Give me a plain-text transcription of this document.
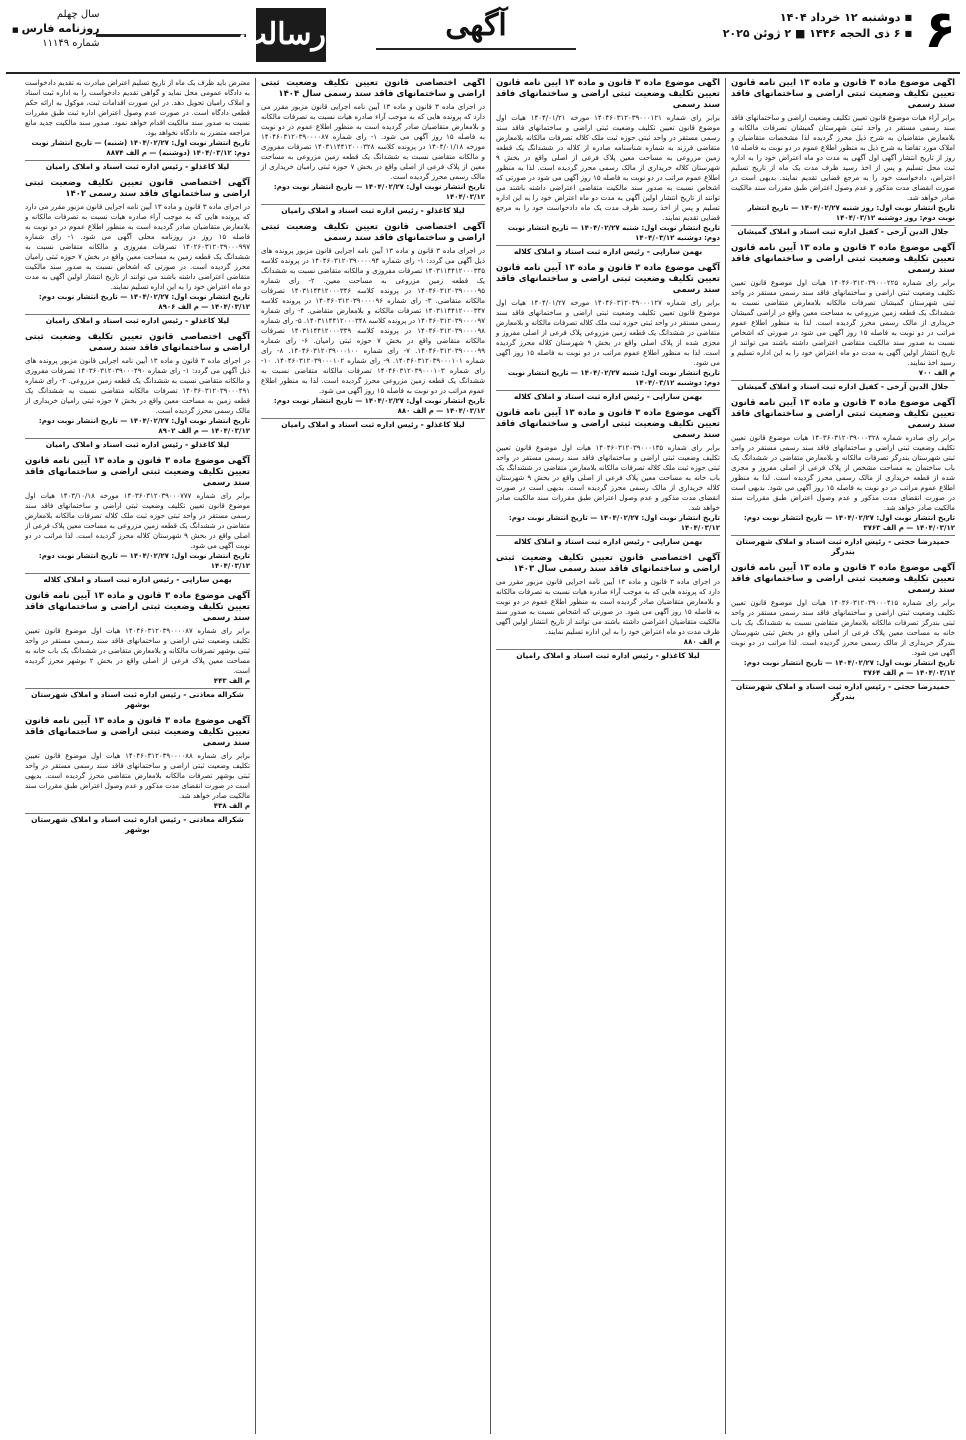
۶
■ دوشنبه ۱۲ خرداد ۱۴۰۴
■ ۶ ذی الحجه ۱۴۴۶ ■ ۲ ژوئن ۲۰۲۵
آگهی
رسالت
سال چهلم
روزنامه فارس ■
شماره ۱۱۱۴۹
آگهی موضوع ماده ۳ قانون و ماده ۱۳ آیین نامه قانون تعیین تکلیف وضعیت ثبتی اراضی و ساختمانهای فاقد سند رسمی

برابر آراء هیات موضوع قانون تعیین تکلیف وضعیت اراضی و ساختمانهای فاقد سند رسمی مستقر در واحد ثبتی شهرستان گمیشان تصرفات مالکانه و بلامعارض متقاضیان به شرح ذیل محرز گردیده لذا مشخصات متقاضیان و املاک مورد تقاضا به شرح ذیل به منظور اطلاع عموم در دو نوبت به فاصله ۱۵ روز از تاریخ انتشار آگهی اول آگهی به مدت دو ماه اعتراض خود را به اداره ثبت محل تسلیم و پس از اخذ رسید ظرف مدت یک ماه از تاریخ تسلیم اعتراض، دادخواست خود را به مرجع قضایی تقدیم نمایند. بدیهی است در صورت انقضای مدت مذکور و عدم وصول اعتراض طبق مقررات سند مالکیت صادر خواهد شد.

تاریخ انتشار نوبت اول: روز شنبه ۱۴۰۴/۰۲/۲۷ — تاریخ انتشار نوبت دوم: روز دوشنبه ۱۴۰۴/۰۳/۱۲
جلال الدین آرخی - کفیل اداره ثبت اسناد و املاک گمیشان
آگهی موضوع ماده ۳ قانون و ماده ۱۳ آیین نامه قانون تعیین تکلیف وضعیت ثبتی اراضی و ساختمانهای فاقد سند رسمی

برابر رای شماره ۱۴۰۴۶۰۳۱۲۰۳۹۰۰۰۲۲۵ هیات اول موضوع قانون تعیین تکلیف وضعیت ثبتی اراضی و ساختمانهای فاقد سند رسمی مستقر در واحد ثبتی شهرستان گمیشان تصرفات مالکانه بلامعارض متقاضی نسبت به ششدانگ یک قطعه زمین مزروعی به مساحت معین واقع در اراضی گمیشان خریداری از مالک رسمی محرز گردیده است. لذا به منظور اطلاع عموم مراتب در دو نوبت به فاصله ۱۵ روز آگهی می شود در صورتی که اشخاص نسبت به صدور سند مالکیت متقاضی اعتراضی داشته باشند می توانند از تاریخ انتشار اولین آگهی به مدت دو ماه اعتراض خود را به این اداره تسلیم و رسید اخذ نمایند.

م الف ۷۰۰
جلال الدین آرخی - کفیل اداره ثبت اسناد و املاک گمیشان
آگهی موضوع ماده ۳ قانون و ماده ۱۳ آیین نامه قانون تعیین تکلیف وضعیت ثبتی اراضی و ساختمانهای فاقد سند رسمی

برابر رای صادره شماره ۱۴۰۳۶۰۳۱۲۰۳۹۰۰۰۳۲۸ هیات موضوع قانون تعیین تکلیف وضعیت ثبتی اراضی و ساختمانهای فاقد سند رسمی مستقر در واحد ثبتی شهرستان بندرگز تصرفات مالکانه و بلامعارض متقاضی در ششدانگ یک باب ساختمان به مساحت مشخص از پلاک فرعی از اصلی مفروز و مجزی شده از قطعه خریداری از مالک رسمی محرز گردیده است. لذا به منظور اطلاع عموم مراتب در دو نوبت به فاصله ۱۵ روز آگهی می شود. بدیهی است در صورت انقضای مدت مذکور و عدم وصول اعتراض طبق مقررات سند مالکیت صادر خواهد شد.

تاریخ انتشار نوبت اول: ۱۴۰۴/۰۲/۲۷ — تاریخ انتشار نوبت دوم: ۱۴۰۴/۰۳/۱۲ — م الف ۳۷۶۳
حمیدرضا حجتی - رئیس اداره ثبت اسناد و املاک شهرستان بندرگز
آگهی موضوع ماده ۳ قانون و ماده ۱۳ آیین نامه قانون تعیین تکلیف وضعیت ثبتی اراضی و ساختمانهای فاقد سند رسمی

برابر رای شماره ۱۴۰۳۶۰۳۱۲۰۳۹۰۰۰۴۱۵ هیات اول موضوع قانون تعیین تکلیف وضعیت ثبتی اراضی و ساختمانهای فاقد سند رسمی مستقر در واحد ثبتی بندرگز تصرفات مالکانه بلامعارض متقاضی نسبت به ششدانگ یک باب خانه به مساحت معین پلاک فرعی از اصلی واقع در بخش ثبتی شهرستان بندرگز خریداری از مالک رسمی محرز گردیده است. لذا مراتب در دو نوبت آگهی می شود.

تاریخ انتشار نوبت اول: ۱۴۰۴/۰۲/۲۷ — تاریخ انتشار نوبت دوم: ۱۴۰۴/۰۳/۱۲ — م الف ۳۷۶۴
حمیدرضا حجتی - رئیس اداره ثبت اسناد و املاک شهرستان بندرگز
آگهی موضوع ماده ۳ قانون و ماده ۱۳ آیین نامه قانون تعیین تکلیف وضعیت ثبتی اراضی و ساختمانهای فاقد سند رسمی

برابر رای شماره ۱۴۰۴۶۰۳۱۲۰۳۹۰۰۰۱۲۱ مورخه ۱۴۰۴/۰۱/۲۱ هیات اول موضوع قانون تعیین تکلیف وضعیت ثبتی اراضی و ساختمانهای فاقد سند رسمی مستقر در واحد ثبتی حوزه ثبت ملک کلاله تصرفات مالکانه بلامعارض متقاضی فرزند به شماره شناسنامه صادره از کلاله در ششدانگ یک قطعه زمین مزروعی به مساحت معین پلاک فرعی از اصلی واقع در بخش ۹ شهرستان کلاله خریداری از مالک رسمی محرز گردیده است. لذا به منظور اطلاع عموم مراتب در دو نوبت به فاصله ۱۵ روز آگهی می شود در صورتی که اشخاص نسبت به صدور سند مالکیت متقاضی اعتراضی داشته باشند می توانند از تاریخ انتشار اولین آگهی به مدت دو ماه اعتراض خود را به این اداره تسلیم و پس از اخذ رسید ظرف مدت یک ماه دادخواست خود را به مرجع قضایی تقدیم نمایند.

تاریخ انتشار نوبت اول: شنبه ۱۴۰۴/۰۲/۲۷ — تاریخ انتشار نوبت دوم: دوشنبه ۱۴۰۴/۰۳/۱۲
بهمن ساراپی - رئیس اداره ثبت اسناد و املاک کلاله
آگهی موضوع ماده ۳ قانون و ماده ۱۳ آیین نامه قانون تعیین تکلیف وضعیت ثبتی اراضی و ساختمانهای فاقد سند رسمی

برابر رای شماره ۱۴۰۴۶۰۳۱۲۰۳۹۰۰۰۱۲۷ مورخه ۱۴۰۴/۰۱/۲۷ هیات اول موضوع قانون تعیین تکلیف وضعیت ثبتی اراضی و ساختمانهای فاقد سند رسمی مستقر در واحد ثبتی حوزه ثبت ملک کلاله تصرفات مالکانه و بلامعارض متقاضی در ششدانگ یک قطعه زمین مزروعی پلاک فرعی از اصلی مفروز و مجزی شده از پلاک اصلی واقع در بخش ۹ شهرستان کلاله محرز گردیده است. لذا به منظور اطلاع عموم مراتب در دو نوبت به فاصله ۱۵ روز آگهی می شود.

تاریخ انتشار نوبت اول: شنبه ۱۴۰۴/۰۲/۲۷ — تاریخ انتشار نوبت دوم: دوشنبه ۱۴۰۴/۰۳/۱۲
بهمن ساراپی - رئیس اداره ثبت اسناد و املاک کلاله
آگهی موضوع ماده ۳ قانون و ماده ۱۳ آیین نامه قانون تعیین تکلیف وضعیت ثبتی اراضی و ساختمانهای فاقد سند رسمی

برابر رای شماره ۱۴۰۴۶۰۳۱۲۰۳۹۰۰۰۱۳۵ هیات اول موضوع قانون تعیین تکلیف وضعیت ثبتی اراضی و ساختمانهای فاقد سند رسمی مستقر در واحد ثبتی حوزه ثبت ملک کلاله تصرفات مالکانه بلامعارض متقاضی در ششدانگ یک باب خانه به مساحت معین پلاک فرعی از اصلی واقع در بخش ۹ شهرستان کلاله خریداری از مالک رسمی محرز گردیده است. بدیهی است در صورت انقضای مدت مذکور و عدم وصول اعتراض طبق مقررات سند مالکیت صادر خواهد شد.

تاریخ انتشار نوبت اول: ۱۴۰۴/۰۲/۲۷ — تاریخ انتشار نوبت دوم: ۱۴۰۴/۰۳/۱۲
بهمن ساراپی - رئیس اداره ثبت اسناد و املاک کلاله
آگهی اختصاصی قانون تعیین تکلیف وضعیت ثبتی اراضی و ساختمانهای فاقد سند رسمی سال ۱۴۰۳

در اجرای ماده ۳ قانون و ماده ۱۳ آیین نامه اجرایی قانون مزبور مقرر می دارد که پرونده هایی که به موجب آراء صادره هیات نسبت به تصرفات مالکانه و بلامعارض متقاضیان صادر گردیده است به منظور اطلاع عموم در دو نوبت به فاصله ۱۵ روز آگهی می شود. در صورتی که اشخاص نسبت به صدور سند مالکیت متقاضیان اعتراضی داشته باشند می توانند از تاریخ انتشار اولین آگهی ظرف مدت دو ماه اعتراض خود را به این اداره تسلیم نمایند.

م الف ۸۸۰
لیلا کاغذلو - رئیس اداره ثبت اسناد و املاک رامیان
آگهی اختصاصی قانون تعیین تکلیف وضعیت ثبتی اراضی و ساختمانهای فاقد سند رسمی سال ۱۴۰۴

در اجرای ماده ۳ قانون و ماده ۱۳ آیین نامه اجرایی قانون مزبور مقرر می دارد که پرونده هایی که به موجب آراء صادره هیات نسبت به تصرفات مالکانه و بلامعارض متقاضیان صادر گردیده است به منظور اطلاع عموم در دو نوبت به فاصله ۱۵ روز آگهی می شود. ۱- رای شماره ۱۴۰۴۶۰۳۱۲۰۳۹۰۰۰۰۸۷ مورخه ۱۴۰۴/۰۱/۱۸ در پرونده کلاسه ۱۴۰۳۱۱۴۴۱۲۰۰۰۳۲۸ تصرفات مفروزی و مالکانه متقاضی نسبت به ششدانگ یک قطعه زمین مزروعی به مساحت معین از پلاک فرعی از اصلی واقع در بخش ۷ حوزه ثبتی رامیان خریداری از مالک رسمی محرز گردیده است.

تاریخ انتشار نوبت اول: ۱۴۰۴/۰۲/۲۷ — تاریخ انتشار نوبت دوم: ۱۴۰۴/۰۳/۱۲
لیلا کاغذلو - رئیس اداره ثبت اسناد و املاک رامیان
آگهی اختصاصی قانون تعیین تکلیف وضعیت ثبتی اراضی و ساختمانهای فاقد سند رسمی

در اجرای ماده ۳ قانون و ماده ۱۳ آیین نامه اجرایی قانون مزبور پرونده های ذیل آگهی می گردد: ۱- رای شماره ۱۴۰۴۶۰۳۱۲۰۳۹۰۰۰۰۹۴ در پرونده کلاسه ۱۴۰۳۱۱۴۴۱۲۰۰۰۳۴۵ تصرفات مفروزی و مالکانه متقاضی نسبت به ششدانگ یک قطعه زمین مزروعی به مساحت معین. ۲- رای شماره ۱۴۰۴۶۰۳۱۲۰۳۹۰۰۰۰۹۵ در پرونده کلاسه ۱۴۰۳۱۱۴۴۱۲۰۰۰۳۴۶ تصرفات مالکانه متقاضی. ۳- رای شماره ۱۴۰۴۶۰۳۱۲۰۳۹۰۰۰۰۹۶ در پرونده کلاسه ۱۴۰۳۱۱۴۴۱۲۰۰۰۳۴۷ تصرفات مالکانه و بلامعارض متقاضی. ۴- رای شماره ۱۴۰۴۶۰۳۱۲۰۳۹۰۰۰۰۹۷ در پرونده کلاسه ۱۴۰۳۱۱۴۴۱۲۰۰۰۳۴۸. ۵- رای شماره ۱۴۰۴۶۰۳۱۲۰۳۹۰۰۰۰۹۸ در پرونده کلاسه ۱۴۰۳۱۱۴۴۱۲۰۰۰۳۴۹ تصرفات مالکانه متقاضی واقع در بخش ۷ حوزه ثبتی رامیان. ۶- رای شماره ۱۴۰۴۶۰۳۱۲۰۳۹۰۰۰۰۹۹. ۷- رای شماره ۱۴۰۴۶۰۳۱۲۰۳۹۰۰۰۱۰۰. ۸- رای شماره ۱۴۰۴۶۰۳۱۲۰۳۹۰۰۰۱۰۱. ۹- رای شماره ۱۴۰۴۶۰۳۱۲۰۳۹۰۰۰۱۰۲. ۱۰- رای شماره ۱۴۰۴۶۰۳۱۲۰۳۹۰۰۰۱۰۳ تصرفات مالکانه متقاضی نسبت به ششدانگ یک قطعه زمین مزروعی محرز گردیده است. لذا به منظور اطلاع عموم مراتب در دو نوبت به فاصله ۱۵ روز آگهی می شود.

تاریخ انتشار نوبت اول: ۱۴۰۴/۰۲/۲۷ — تاریخ انتشار نوبت دوم: ۱۴۰۴/۰۳/۱۲ — م الف ۸۸۰
لیلا کاغذلو - رئیس اداره ثبت اسناد و املاک رامیان

معترض باید ظرف یک ماه از تاریخ تسلیم اعتراض مبادرت به تقدیم دادخواست به دادگاه عمومی محل نماید و گواهی تقدیم دادخواست را به اداره ثبت اسناد و املاک رامیان تحویل دهد. در این صورت اقدامات ثبت، موکول به ارائه حکم قطعی دادگاه است. در صورت عدم وصول اعتراض اداره ثبت طبق مقررات نسبت به صدور سند مالکیت اقدام خواهد نمود. صدور سند مالکیت جدید مانع مراجعه متضرر به دادگاه نخواهد بود.

تاریخ انتشار نوبت اول: ۱۴۰۴/۰۲/۲۷ (شنبه) — تاریخ انتشار نوبت دوم: ۱۴۰۴/۰۳/۱۲ (دوشنبه) — م الف ۸۸۷۴
لیلا کاغذلو - رئیس اداره ثبت اسناد و املاک رامیان
آگهی اختصاصی قانون تعیین تکلیف وضعیت ثبتی اراضی و ساختمانهای فاقد سند رسمی ۱۴۰۲

در اجرای ماده ۳ قانون و ماده ۱۳ آیین نامه اجرایی قانون مزبور مقرر می دارد که پرونده هایی که به موجب آراء صادره هیات نسبت به تصرفات مالکانه و بلامعارض متقاضیان صادر گردیده است به منظور اطلاع عموم در دو نوبت به فاصله ۱۵ روز در روزنامه محلی آگهی می شود. ۱- رای شماره ۱۴۰۲۶۰۳۱۲۰۳۹۰۰۰۹۹۷ تصرفات مفروزی و مالکانه متقاضی نسبت به ششدانگ یک قطعه زمین به مساحت معین واقع در بخش ۷ حوزه ثبتی رامیان محرز گردیده است. در صورتی که اشخاص نسبت به صدور سند مالکیت متقاضی اعتراضی داشته باشند می توانند از تاریخ انتشار اولین آگهی به مدت دو ماه اعتراض خود را به این اداره تسلیم نمایند.

تاریخ انتشار نوبت اول: ۱۴۰۴/۰۲/۲۷ — تاریخ انتشار نوبت دوم: ۱۴۰۴/۰۳/۱۲ — م الف ۸۹۰۶
لیلا کاغذلو - رئیس اداره ثبت اسناد و املاک رامیان
آگهی اختصاصی قانون تعیین تکلیف وضعیت ثبتی اراضی و ساختمانهای فاقد سند رسمی

در اجرای ماده ۳ قانون و ماده ۱۳ آیین نامه اجرایی قانون مزبور پرونده های ذیل آگهی می گردد: ۱- رای شماره ۱۴۰۳۶۰۳۱۲۰۳۹۰۰۰۴۹۰ تصرفات مفروزی و مالکانه متقاضی نسبت به ششدانگ یک قطعه زمین مزروعی. ۲- رای شماره ۱۴۰۳۶۰۳۱۲۰۳۹۰۰۰۴۹۱ تصرفات مالکانه متقاضی نسبت به ششدانگ یک قطعه زمین به مساحت معین واقع در بخش ۷ حوزه ثبتی رامیان خریداری از مالک رسمی محرز گردیده است.

تاریخ انتشار نوبت اول: ۱۴۰۴/۰۲/۲۷ — تاریخ انتشار نوبت دوم: ۱۴۰۴/۰۳/۱۲ — م الف ۸۹۰۲
لیلا کاغذلو - رئیس اداره ثبت اسناد و املاک رامیان
آگهی موضوع ماده ۳ قانون و ماده ۱۳ آیین نامه قانون تعیین تکلیف وضعیت ثبتی اراضی و ساختمانهای فاقد سند رسمی

برابر رای شماره ۱۴۰۳۶۰۳۱۲۰۳۹۰۰۰۷۷۷ مورخه ۱۴۰۳/۱۰/۱۸ هیات اول موضوع قانون تعیین تکلیف وضعیت ثبتی اراضی و ساختمانهای فاقد سند رسمی مستقر در واحد ثبتی حوزه ثبت ملک کلاله تصرفات مالکانه بلامعارض متقاضی در ششدانگ یک قطعه زمین مزروعی به مساحت معین پلاک فرعی از اصلی واقع در بخش ۹ شهرستان کلاله محرز گردیده است. لذا مراتب در دو نوبت آگهی می شود.

تاریخ انتشار نوبت اول: ۱۴۰۴/۰۲/۲۷ — تاریخ انتشار نوبت دوم: ۱۴۰۴/۰۳/۱۲
بهمن ساراپی - رئیس اداره ثبت اسناد و املاک کلاله
آگهی موضوع ماده ۳ قانون و ماده ۱۳ آیین نامه قانون تعیین تکلیف وضعیت ثبتی اراضی و ساختمانهای فاقد سند رسمی

برابر رای شماره ۱۴۰۴۶۰۳۱۲۰۳۹۰۰۰۰۸۷ هیات اول موضوع قانون تعیین تکلیف وضعیت ثبتی اراضی و ساختمانهای فاقد سند رسمی مستقر در واحد ثبتی بوشهر تصرفات مالکانه و بلامعارض متقاضی در ششدانگ یک باب خانه به مساحت معین پلاک فرعی از اصلی واقع در بخش ۲ بوشهر محرز گردیده است.

م الف ۴۴۳
شکراله معاذنی - رئیس اداره ثبت اسناد و املاک شهرستان بوشهر
آگهی موضوع ماده ۳ قانون و ماده ۱۳ آیین نامه قانون تعیین تکلیف وضعیت ثبتی اراضی و ساختمانهای فاقد سند رسمی

برابر رای شماره ۱۴۰۴۶۰۳۱۲۰۳۹۰۰۰۰۸۸ هیات اول موضوع قانون تعیین تکلیف وضعیت ثبتی اراضی و ساختمانهای فاقد سند رسمی مستقر در واحد ثبتی بوشهر تصرفات مالکانه بلامعارض متقاضی محرز گردیده است. بدیهی است در صورت انقضای مدت مذکور و عدم وصول اعتراض طبق مقررات سند مالکیت صادر خواهد شد.

م الف ۴۳۸
شکراله معاذنی - رئیس اداره ثبت اسناد و املاک شهرستان بوشهر
